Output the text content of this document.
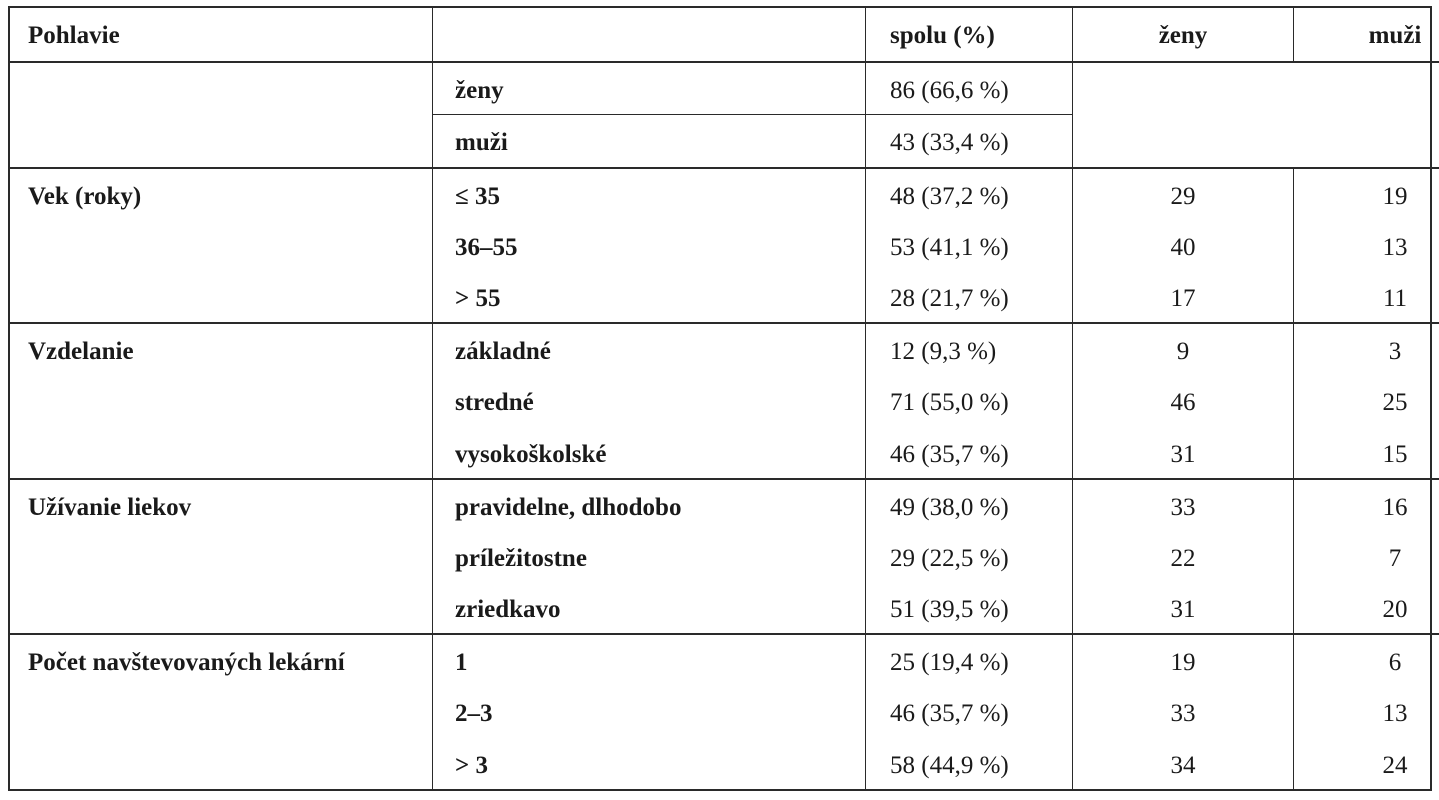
Pohlavie		spolu (%)	ženy	muži

	ženy	86 (66,6 %)		

	muži	43 (33,4 %)		

Vek (roky)	≤ 35	48 (37,2 %)	29	19

	36–55	53 (41,1 %)	40	13

	> 55	28 (21,7 %)	17	11

Vzdelanie	základné	12 (9,3 %)	9	3

	stredné	71 (55,0 %)	46	25

	vysokoškolské	46 (35,7 %)	31	15

Užívanie liekov	pravidelne, dlhodobo	49 (38,0 %)	33	16

	príležitostne	29 (22,5 %)	22	7

	zriedkavo	51 (39,5 %)	31	20

Počet navštevovaných lekární	1	25 (19,4 %)	19	6

	2–3	46 (35,7 %)	33	13

	> 3	58 (44,9 %)	34	24
